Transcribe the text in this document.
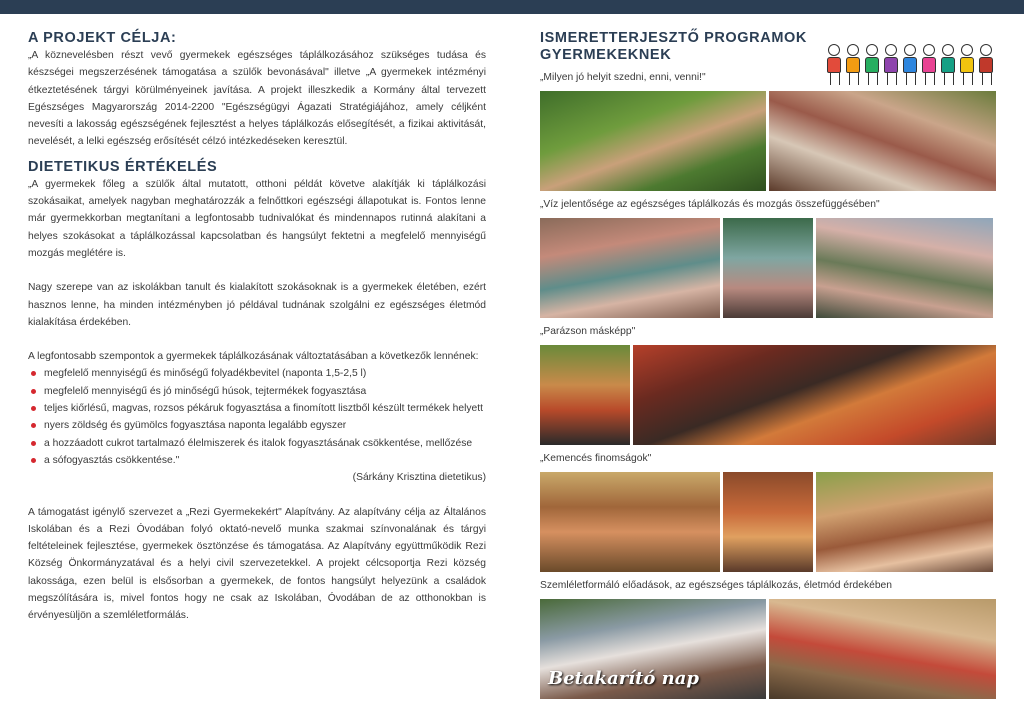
A PROJEKT CÉLJA:

„A köznevelésben részt vevő gyermekek egészséges táplálkozásához szükséges tudása és készségei megszerzésének támogatása a szülők bevonásával" illetve „A gyermekek intézményi étkeztetésének tárgyi körülményeinek javítása. A projekt illeszkedik a Kormány által tervezett Egészséges Magyarország 2014-2200 "Egészségügyi Ágazati Stratégiájához, amely céljként nevesíti a lakosság egészségének fejlesztést a helyes táplálkozás elősegítését, a fizikai aktivitását, nevelését, a lelki egészség erősítését célzó intézkedéseken keresztül.

DIETETIKUS ÉRTÉKELÉS

„A gyermekek főleg a szülők által mutatott, otthoni példát követve alakítják ki táplálkozási szokásaikat, amelyek nagyban meghatározzák a felnőttkori egészségi állapotukat is. Fontos lenne már gyermekkorban megtanítani a legfontosabb tudnivalókat és mindennapos rutinná alakítani a helyes szokásokat a táplálkozással kapcsolatban és hangsúlyt fektetni a megfelelő mennyiségű mozgás meglétére is.

Nagy szerepe van az iskolákban tanult és kialakított szokásoknak is a gyermekek életében, ezért hasznos lenne, ha minden intézményben jó példával tudnának szolgálni ez egészséges életmód kialakítása érdekében.

A legfontosabb szempontok a gyermekek táplálkozásának változtatásában a következők lennének:

megfelelő mennyiségű és minőségű folyadékbevitel (naponta 1,5-2,5 l)
megfelelő mennyiségű és jó minőségű húsok, tejtermékek fogyasztása
teljes kiőrlésű, magvas, rozsos pékáruk fogyasztása a finomított lisztből készült termékek helyett
nyers zöldség és gyümölcs fogyasztása naponta legalább egyszer
a hozzáadott cukrot tartalmazó élelmiszerek és italok fogyasztásának csökkentése, mellőzése
a sófogyasztás csökkentése."
(Sárkány Krisztina dietetikus)

A támogatást igénylő szervezet a „Rezi Gyermekekért" Alapítvány. Az alapítvány célja az Általános Iskolában és a Rezi Óvodában folyó oktató-nevelő munka szakmai színvonalának és tárgyi feltételeinek fejlesztése, gyermekek ösztönzése és támogatása. Az Alapítvány együttműködik Rezi Község Önkormányzatával és a helyi civil szervezetekkel. A projekt célcsoportja Rezi község lakossága, ezen belül is elsősorban a gyermekek, de fontos hangsúlyt helyezünk a családok megszólítására is, mivel fontos hogy ne csak az Iskolában, Óvodában de az otthonokban is érvényesüljön a szemléletformálás.

ISMERETTERJESZTŐ PROGRAMOK GYERMEKEKNEK

„Milyen jó helyit szedni, enni, venni!"

„Víz jelentősége az egészséges táplálkozás és mozgás összefüggésében"

„Parázson másképp"

„Kemencés finomságok"

Szemléletformáló előadások, az egészséges táplálkozás, életmód érdekében

Betakarító nap
